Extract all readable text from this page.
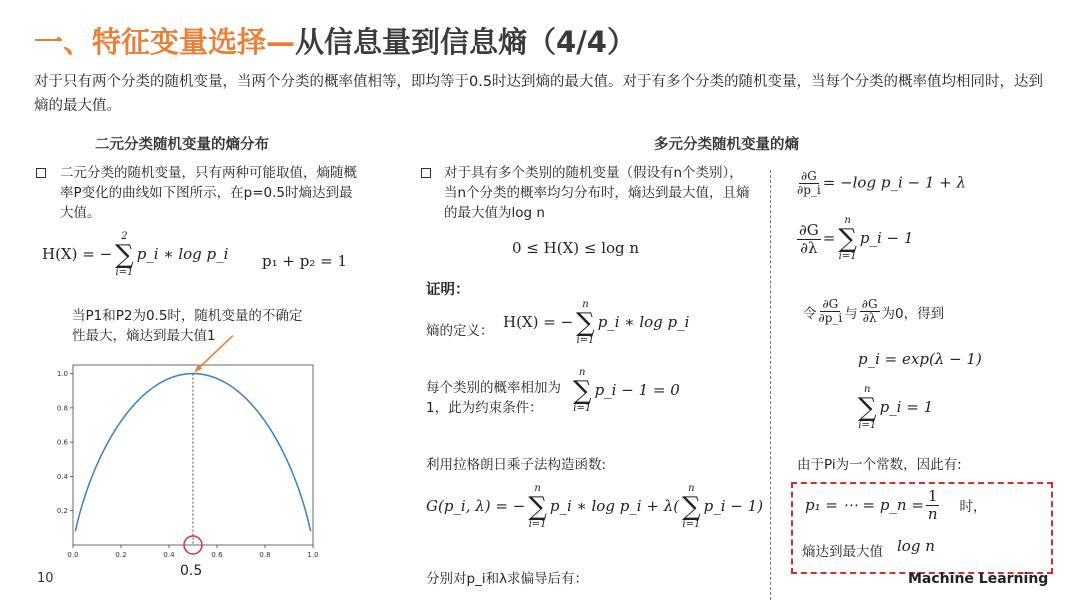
一、特征变量选择—从信息量到信息熵（4/4）
对于只有两个分类的随机变量，当两个分类的概率值相等，即均等于0.5时达到熵的最大值。对于有多个分类的随机变量，当每个分类的概率值均相同时，达到熵的最大值。
二元分类随机变量的熵分布
二元分类的随机变量，只有两种可能取值，熵随概率P变化的曲线如下图所示，在p=0.5时熵达到最大值。
H(X) = −
2
∑
i=1
p_i ∗ log p_i p₁ + p₂ = 1
当P1和P2为0.5时，随机变量的不确定性最大，熵达到最大值1
0.0	0.2	0.4	0.6	0.8	1.0
0.2
0.4
0.6
0.8
1.0
0.5
多元分类随机变量的熵
对于具有多个类别的随机变量（假设有n个类别），当n个分类的概率均匀分布时，熵达到最大值，且熵的最大值为log n
0 ≤ H(X) ≤ log n
证明：
熵的定义： H(X) = −
n
∑
i=1
p_i ∗ log p_i
每个类别的概率相加为1，此为约束条件：
n
∑
i=1
p_i − 1 = 0
利用拉格朗日乘子法构造函数:
G(p_i, λ) = −
n
∑
i=1
p_i ∗ log p_i + λ(
n
∑
i=1
p_i − 1)
分别对p_i和λ求偏导后有：
$\frac{\partial G}{\partial p\_i} = -\log$ p_i − 1 + λ
$\frac{\partial G}{\partial\lambda}$ =
n
∑
i=1
p_i − 1
令 $\frac{\partial G}{\partial p\_i}$ 与 $\frac{\partial G}{\partial\lambda}$ 为0，得到
p_i = exp(λ − 1)
n
∑
i=1
p_i = 1
由于Pi为一个常数，因此有:
p₁ = ⋯ = p_n = $\frac{1}{n}$ 时，
熵达到最大值 log n
10	Machine Learning
